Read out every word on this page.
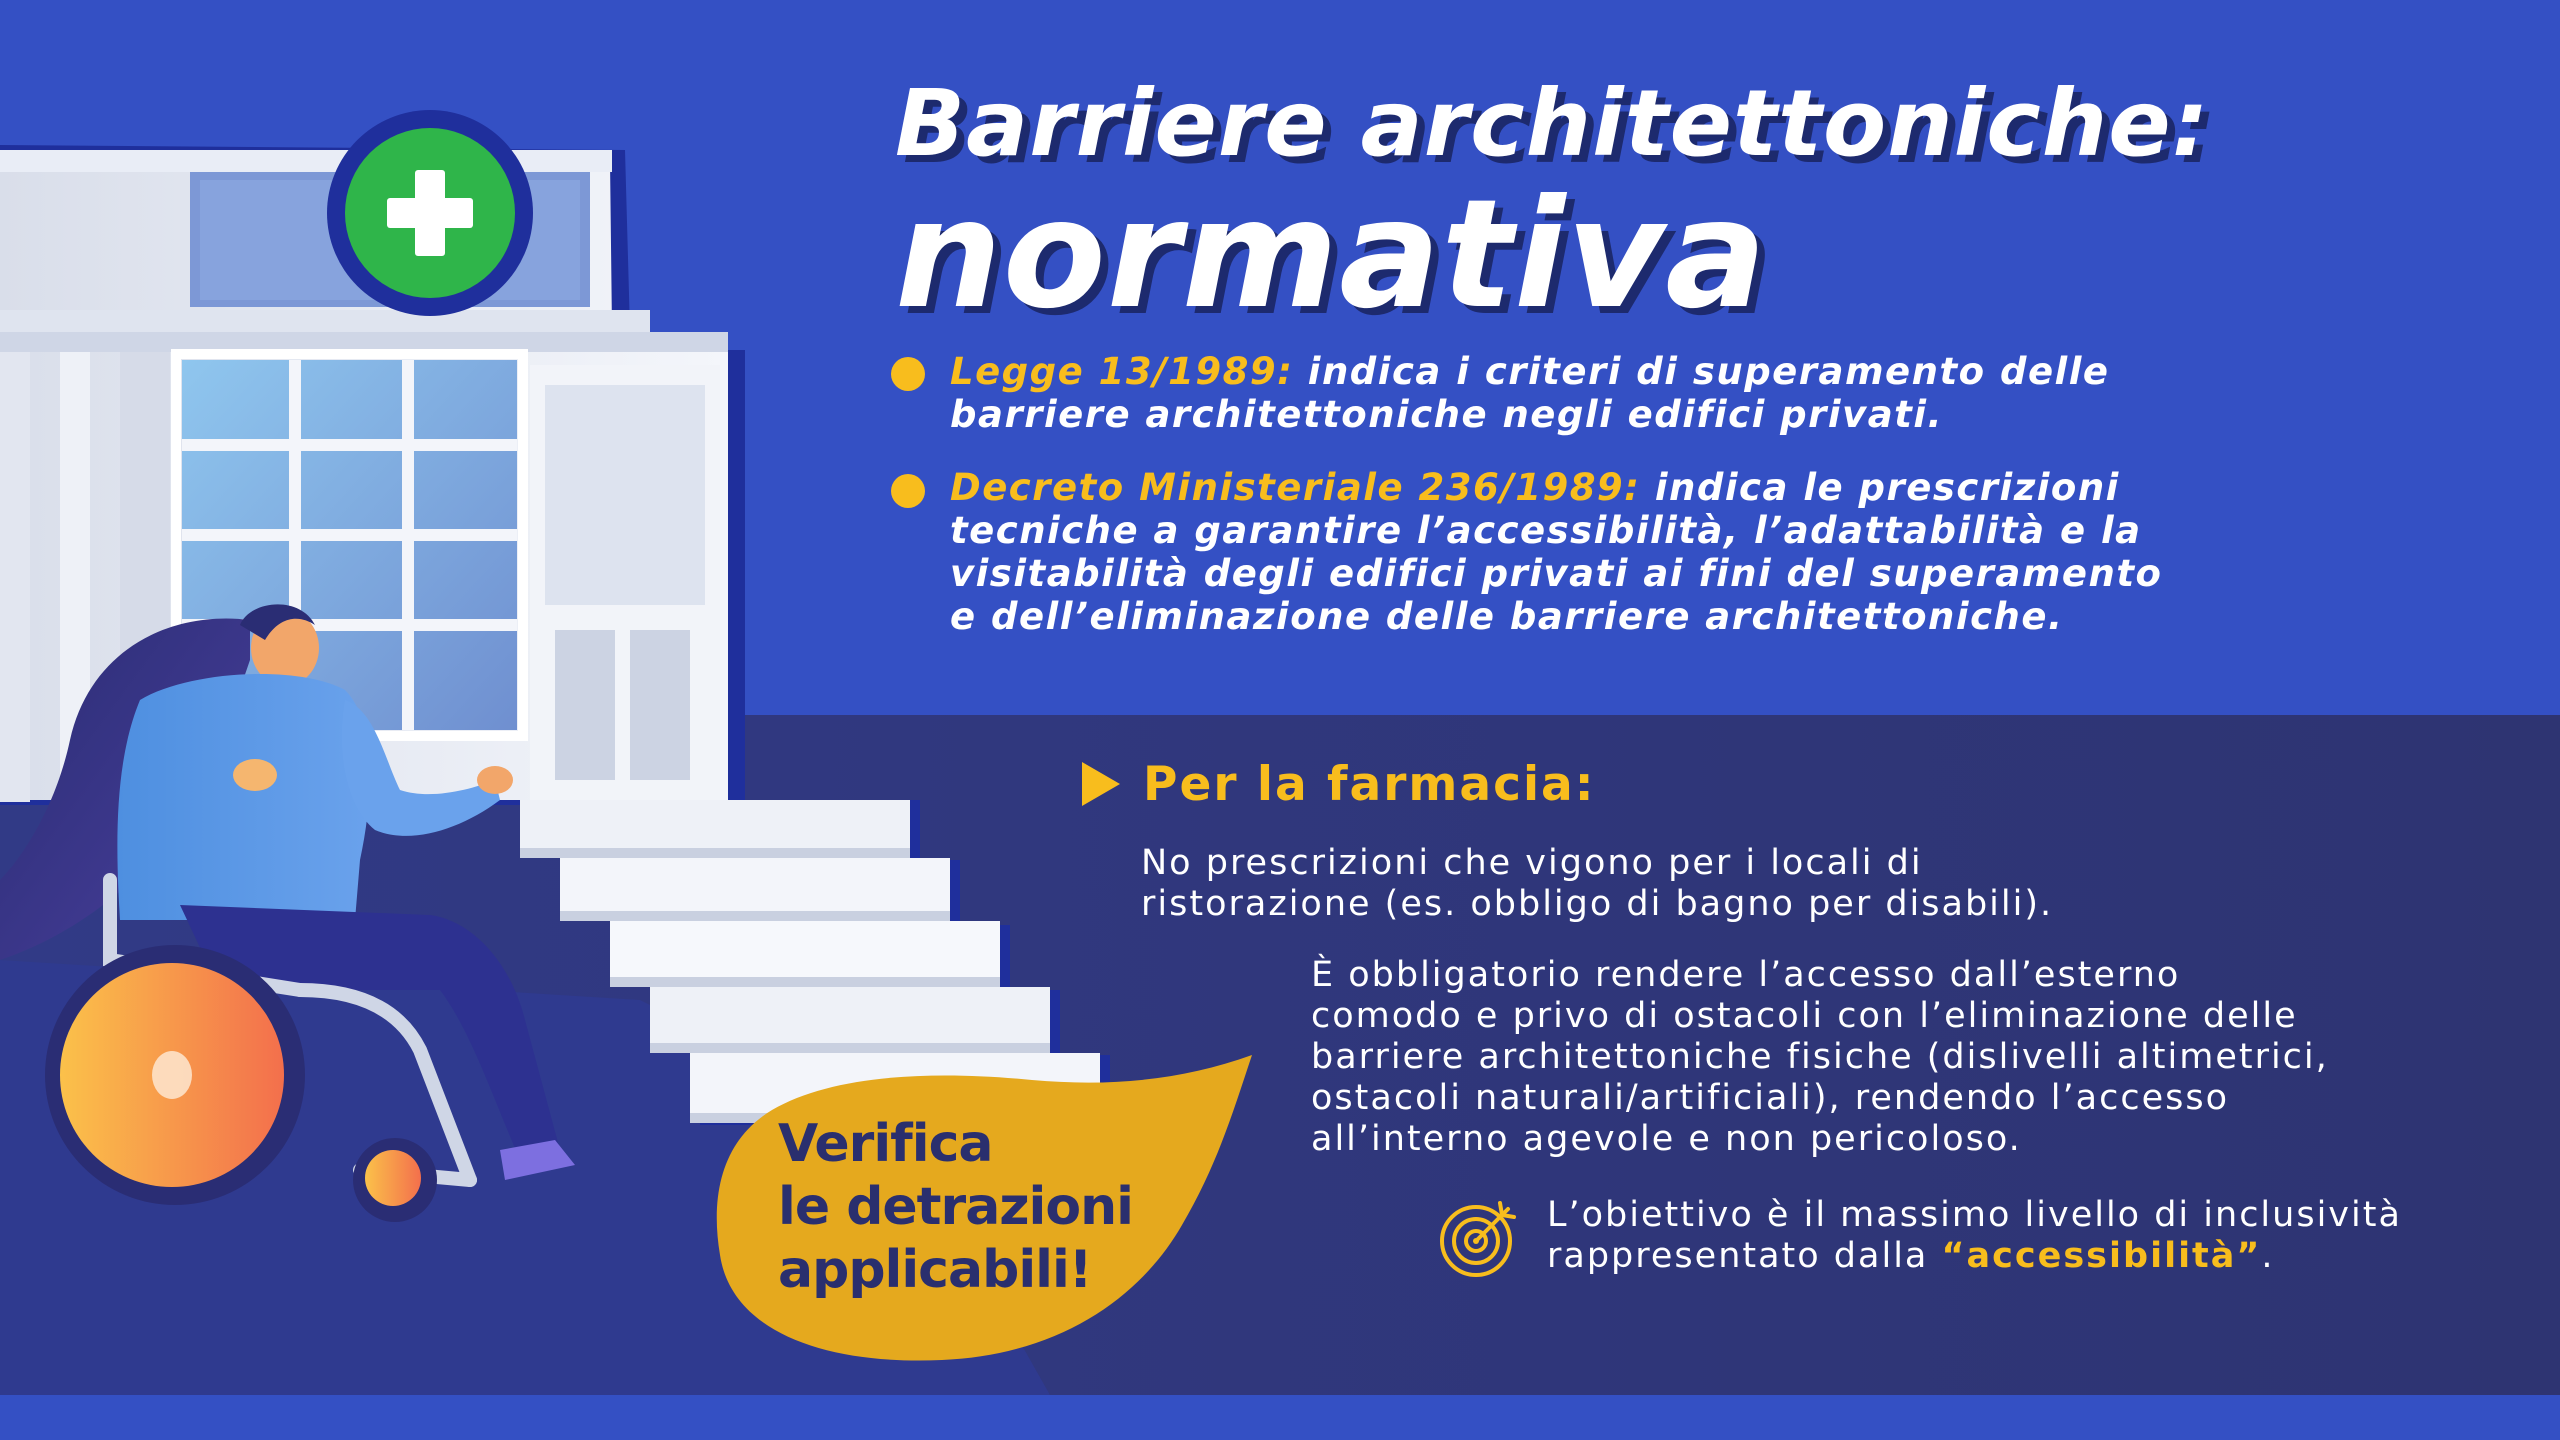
Barriere architettoniche:
normativa

Legge 13/1989: indica i criteri di superamento delle
barriere architettoniche negli edifici privati.

Decreto Ministeriale 236/1989: indica le prescrizioni
tecniche a garantire l’accessibilità, l’adattabilità e la
visitabilità degli edifici privati ai fini del superamento
e dell’eliminazione delle barriere architettoniche.

Per la farmacia:

No prescrizioni che vigono per i locali di
ristorazione (es. obbligo di bagno per disabili).

È obbligatorio rendere l’accesso dall’esterno
comodo e privo di ostacoli con l’eliminazione delle
barriere architettoniche fisiche (dislivelli altimetrici,
ostacoli naturali/artificiali), rendendo l’accesso
all’interno agevole e non pericoloso.

L’obiettivo è il massimo livello di inclusività
rappresentato dalla “accessibilità”.

Verifica
le detrazioni
applicabili!
